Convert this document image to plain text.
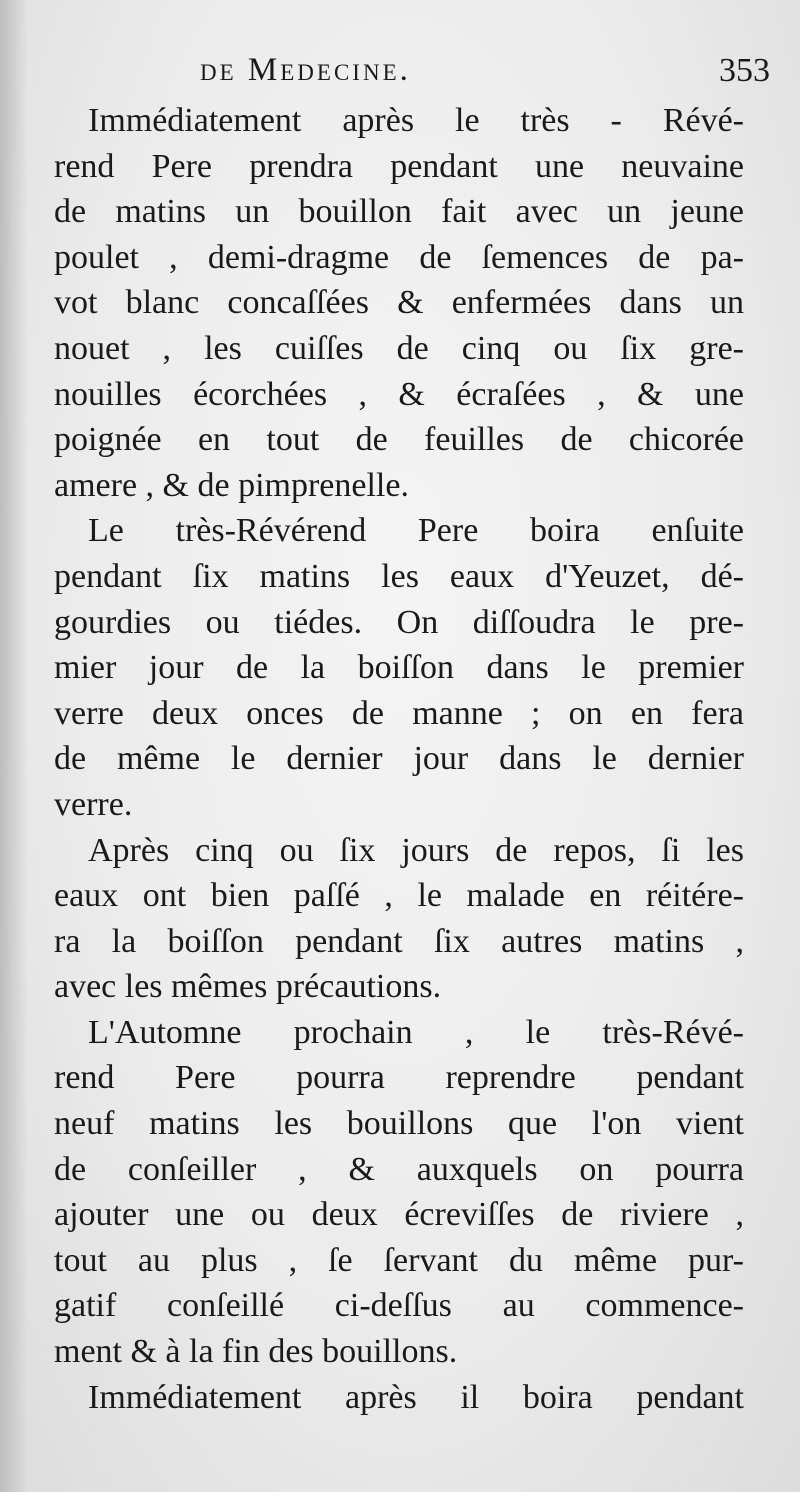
de Medecine.	353
Immédiatement après le très - Révé-
rend Pere prendra pendant une neuvaine
de matins un bouillon fait avec un jeune
poulet , demi-dragme de ſemences de pa-
vot blanc concaſſées & enfermées dans un
nouet , les cuiſſes de cinq ou ſix gre-
nouilles écorchées , & écraſées , & une
poignée en tout de feuilles de chicorée
amere , & de pimprenelle.
Le très-Révérend Pere boira enſuite
pendant ſix matins les eaux d'Yeuzet, dé-
gourdies ou tiédes. On diſſoudra le pre-
mier jour de la boiſſon dans le premier
verre deux onces de manne ; on en fera
de même le dernier jour dans le dernier
verre.
Après cinq ou ſix jours de repos, ſi les
eaux ont bien paſſé , le malade en réitére-
ra la boiſſon pendant ſix autres matins ,
avec les mêmes précautions.
L'Automne prochain , le très-Révé-
rend Pere pourra reprendre pendant
neuf matins les bouillons que l'on vient
de conſeiller , & auxquels on pourra
ajouter une ou deux écreviſſes de riviere ,
tout au plus , ſe ſervant du même pur-
gatif conſeillé ci-deſſus au commence-
ment & à la fin des bouillons.
Immédiatement après il boira pendant
